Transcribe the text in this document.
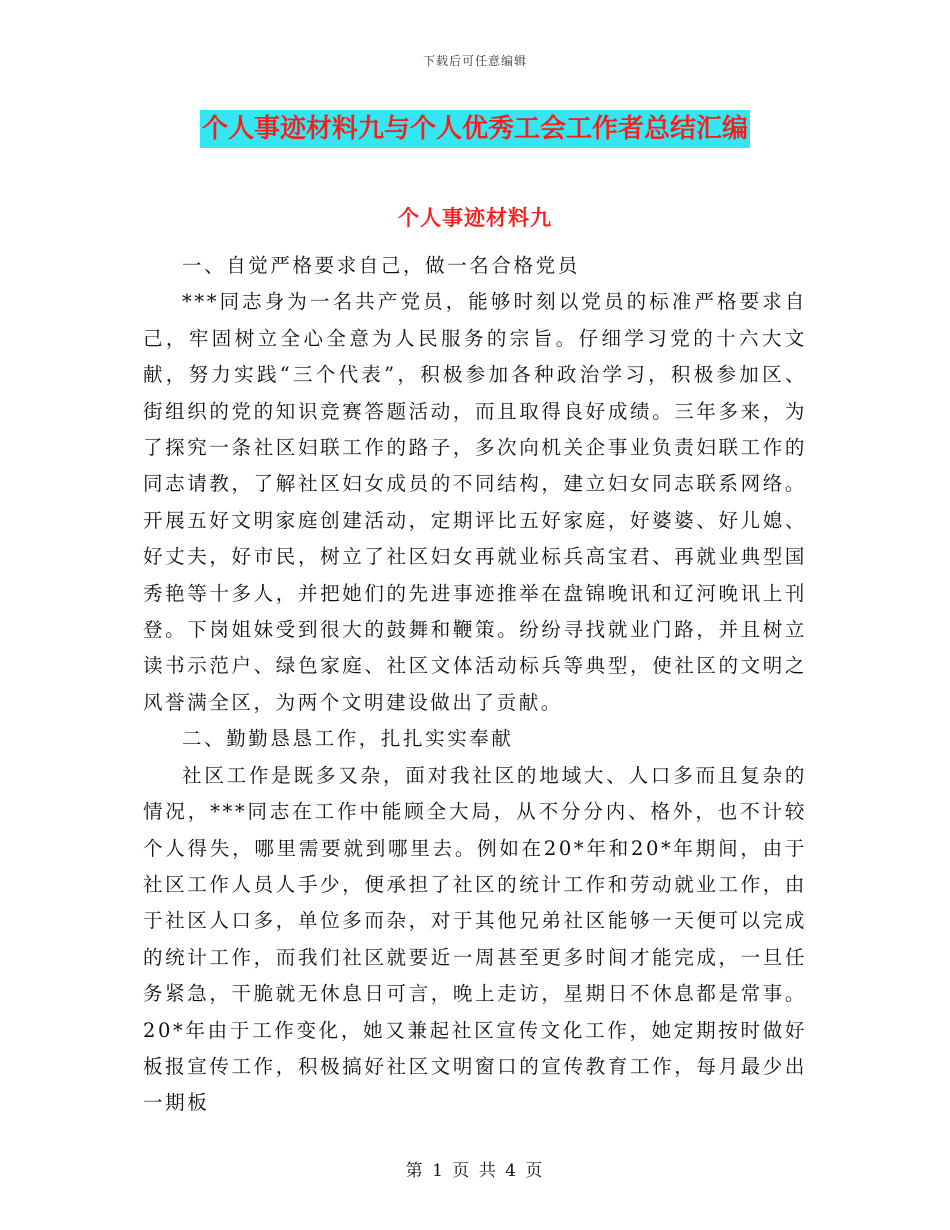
下载后可任意编辑
个人事迹材料九与个人优秀工会工作者总结汇编
个人事迹材料九

一、自觉严格要求自己，做一名合格党员

***同志身为一名共产党员，能够时刻以党员的标准严格要求自己，牢固树立全心全意为人民服务的宗旨。仔细学习党的十六大文献，努力实践“三个代表”，积极参加各种政治学习，积极参加区、街组织的党的知识竞赛答题活动，而且取得良好成绩。三年多来，为了探究一条社区妇联工作的路子，多次向机关企事业负责妇联工作的同志请教，了解社区妇女成员的不同结构，建立妇女同志联系网络。开展五好文明家庭创建活动，定期评比五好家庭，好婆婆、好儿媳、好丈夫，好市民，树立了社区妇女再就业标兵高宝君、再就业典型国秀艳等十多人，并把她们的先进事迹推举在盘锦晚讯和辽河晚讯上刊登。下岗姐妹受到很大的鼓舞和鞭策。纷纷寻找就业门路，并且树立读书示范户、绿色家庭、社区文体活动标兵等典型，使社区的文明之风誉满全区，为两个文明建设做出了贡献。

二、勤勤恳恳工作，扎扎实实奉献

社区工作是既多又杂，面对我社区的地域大、人口多而且复杂的情况，***同志在工作中能顾全大局，从不分分内、格外，也不计较个人得失，哪里需要就到哪里去。例如在20*年和20*年期间，由于社区工作人员人手少，便承担了社区的统计工作和劳动就业工作，由于社区人口多，单位多而杂，对于其他兄弟社区能够一天便可以完成的统计工作，而我们社区就要近一周甚至更多时间才能完成，一旦任务紧急，干脆就无休息日可言，晚上走访，星期日不休息都是常事。20*年由于工作变化，她又兼起社区宣传文化工作，她定期按时做好板报宣传工作，积极搞好社区文明窗口的宣传教育工作，每月最少出一期板

第 1 页 共 4 页
